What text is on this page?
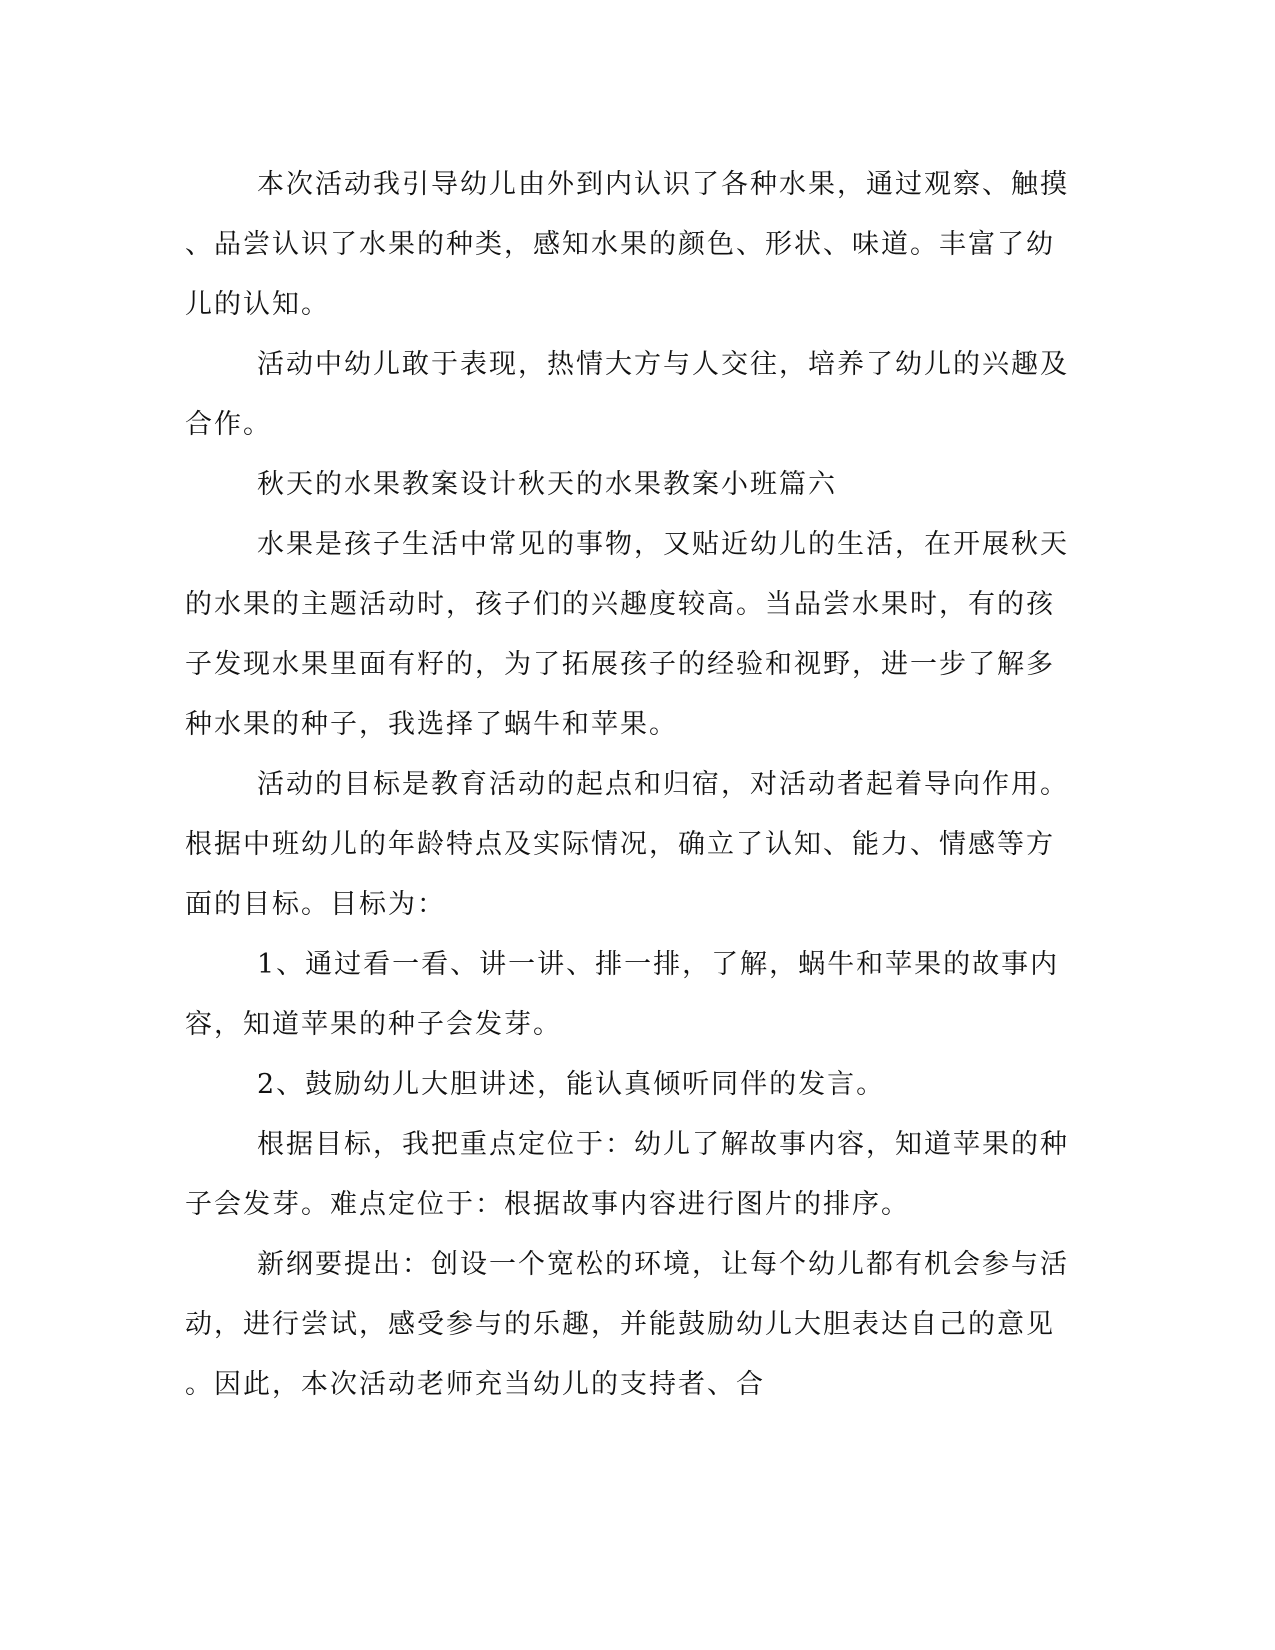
本次活动我引导幼儿由外到内认识了各种水果，通过观察、触摸
、品尝认识了水果的种类，感知水果的颜色、形状、味道。丰富了幼
儿的认知。
活动中幼儿敢于表现，热情大方与人交往，培养了幼儿的兴趣及
合作。
秋天的水果教案设计秋天的水果教案小班篇六
水果是孩子生活中常见的事物，又贴近幼儿的生活，在开展秋天
的水果的主题活动时，孩子们的兴趣度较高。当品尝水果时，有的孩
子发现水果里面有籽的，为了拓展孩子的经验和视野，进一步了解多
种水果的种子，我选择了蜗牛和苹果。
活动的目标是教育活动的起点和归宿，对活动者起着导向作用。
根据中班幼儿的年龄特点及实际情况，确立了认知、能力、情感等方
面的目标。目标为：
1、通过看一看、讲一讲、排一排，了解，蜗牛和苹果的故事内
容，知道苹果的种子会发芽。
2、鼓励幼儿大胆讲述，能认真倾听同伴的发言。
根据目标，我把重点定位于：幼儿了解故事内容，知道苹果的种
子会发芽。难点定位于：根据故事内容进行图片的排序。
新纲要提出：创设一个宽松的环境，让每个幼儿都有机会参与活
动，进行尝试，感受参与的乐趣，并能鼓励幼儿大胆表达自己的意见
。因此，本次活动老师充当幼儿的支持者、合
